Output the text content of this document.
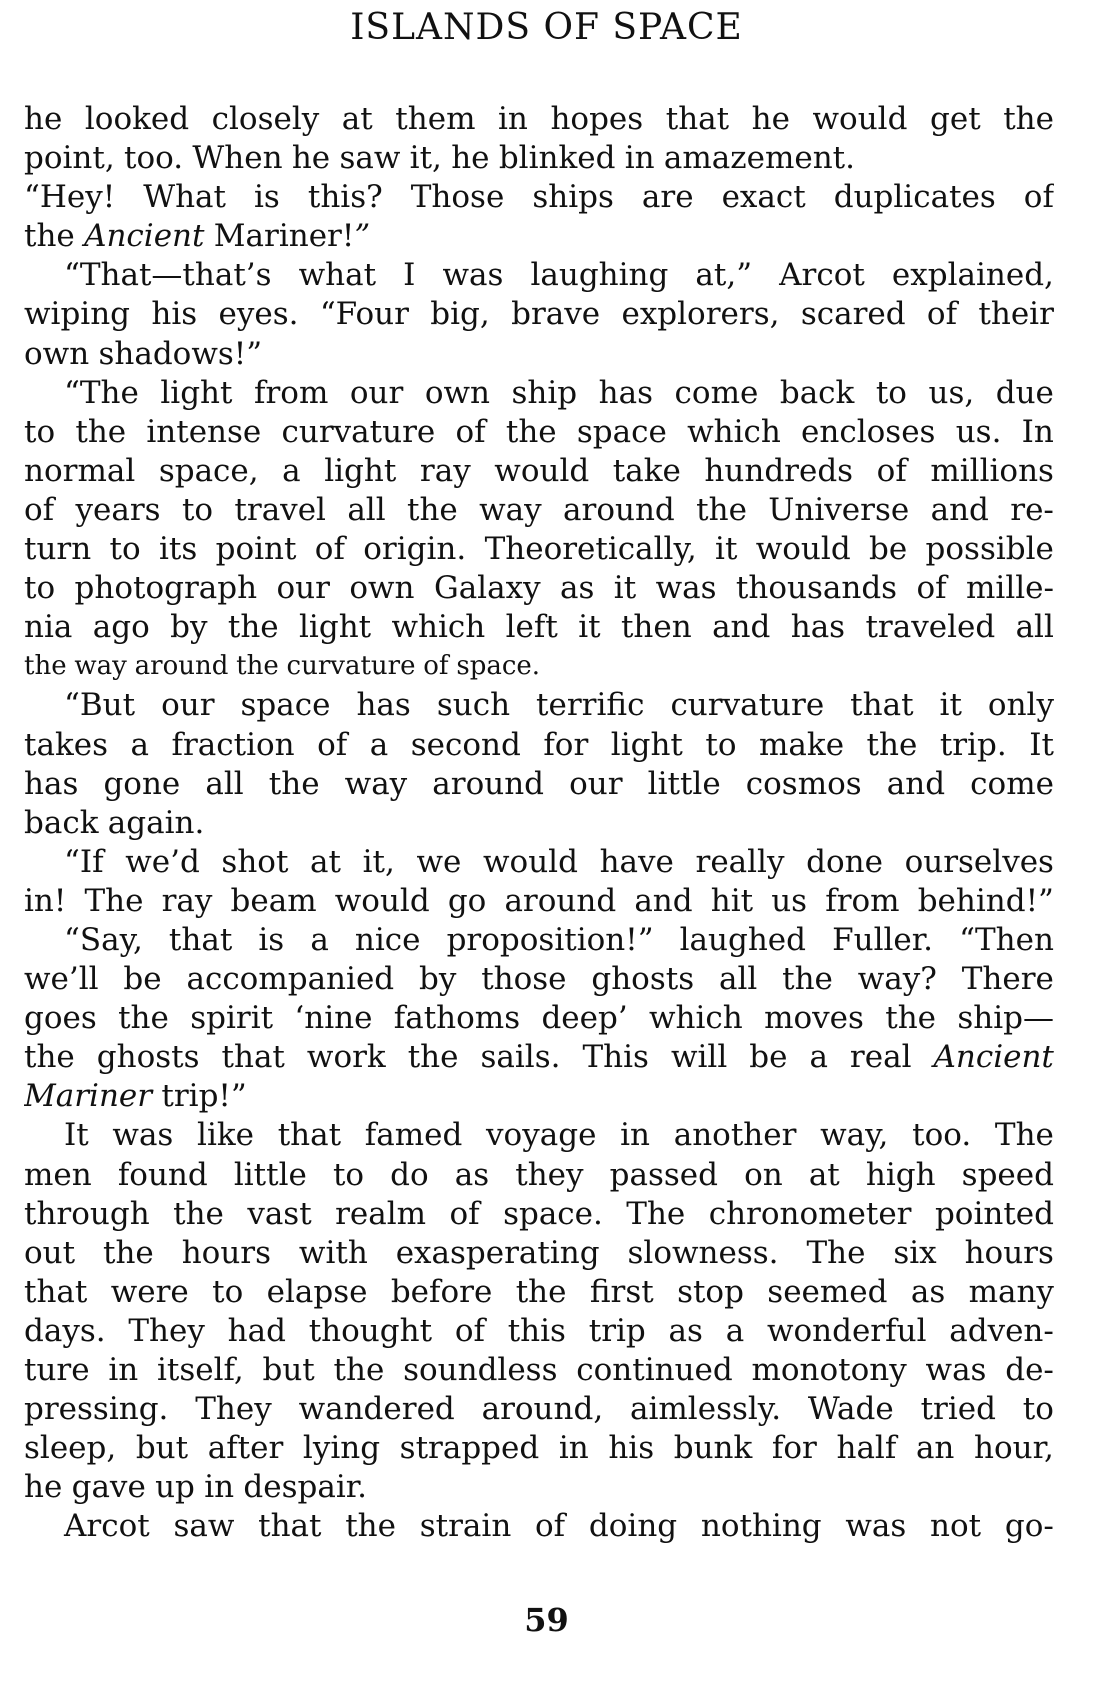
ISLANDS OF SPACE
he looked closely at them in hopes that he would get the
point, too. When he saw it, he blinked in amazement.
“Hey! What is this? Those ships are exact duplicates of
the Ancient Mariner!”
“That—that’s what I was laughing at,” Arcot explained,
wiping his eyes. “Four big, brave explorers, scared of their
own shadows!”
“The light from our own ship has come back to us, due
to the intense curvature of the space which encloses us. In
normal space, a light ray would take hundreds of millions
of years to travel all the way around the Universe and re-
turn to its point of origin. Theoretically, it would be possible
to photograph our own Galaxy as it was thousands of mille-
nia ago by the light which left it then and has traveled all
the way around the curvature of space.
“But our space has such terrific curvature that it only
takes a fraction of a second for light to make the trip. It
has gone all the way around our little cosmos and come
back again.
“If we’d shot at it, we would have really done ourselves
in! The ray beam would go around and hit us from behind!”
“Say, that is a nice proposition!” laughed Fuller. “Then
we’ll be accompanied by those ghosts all the way? There
goes the spirit ‘nine fathoms deep’ which moves the ship—
the ghosts that work the sails. This will be a real Ancient
Mariner trip!”
It was like that famed voyage in another way, too. The
men found little to do as they passed on at high speed
through the vast realm of space. The chronometer pointed
out the hours with exasperating slowness. The six hours
that were to elapse before the first stop seemed as many
days. They had thought of this trip as a wonderful adven-
ture in itself, but the soundless continued monotony was de-
pressing. They wandered around, aimlessly. Wade tried to
sleep, but after lying strapped in his bunk for half an hour,
he gave up in despair.
Arcot saw that the strain of doing nothing was not go-
59
